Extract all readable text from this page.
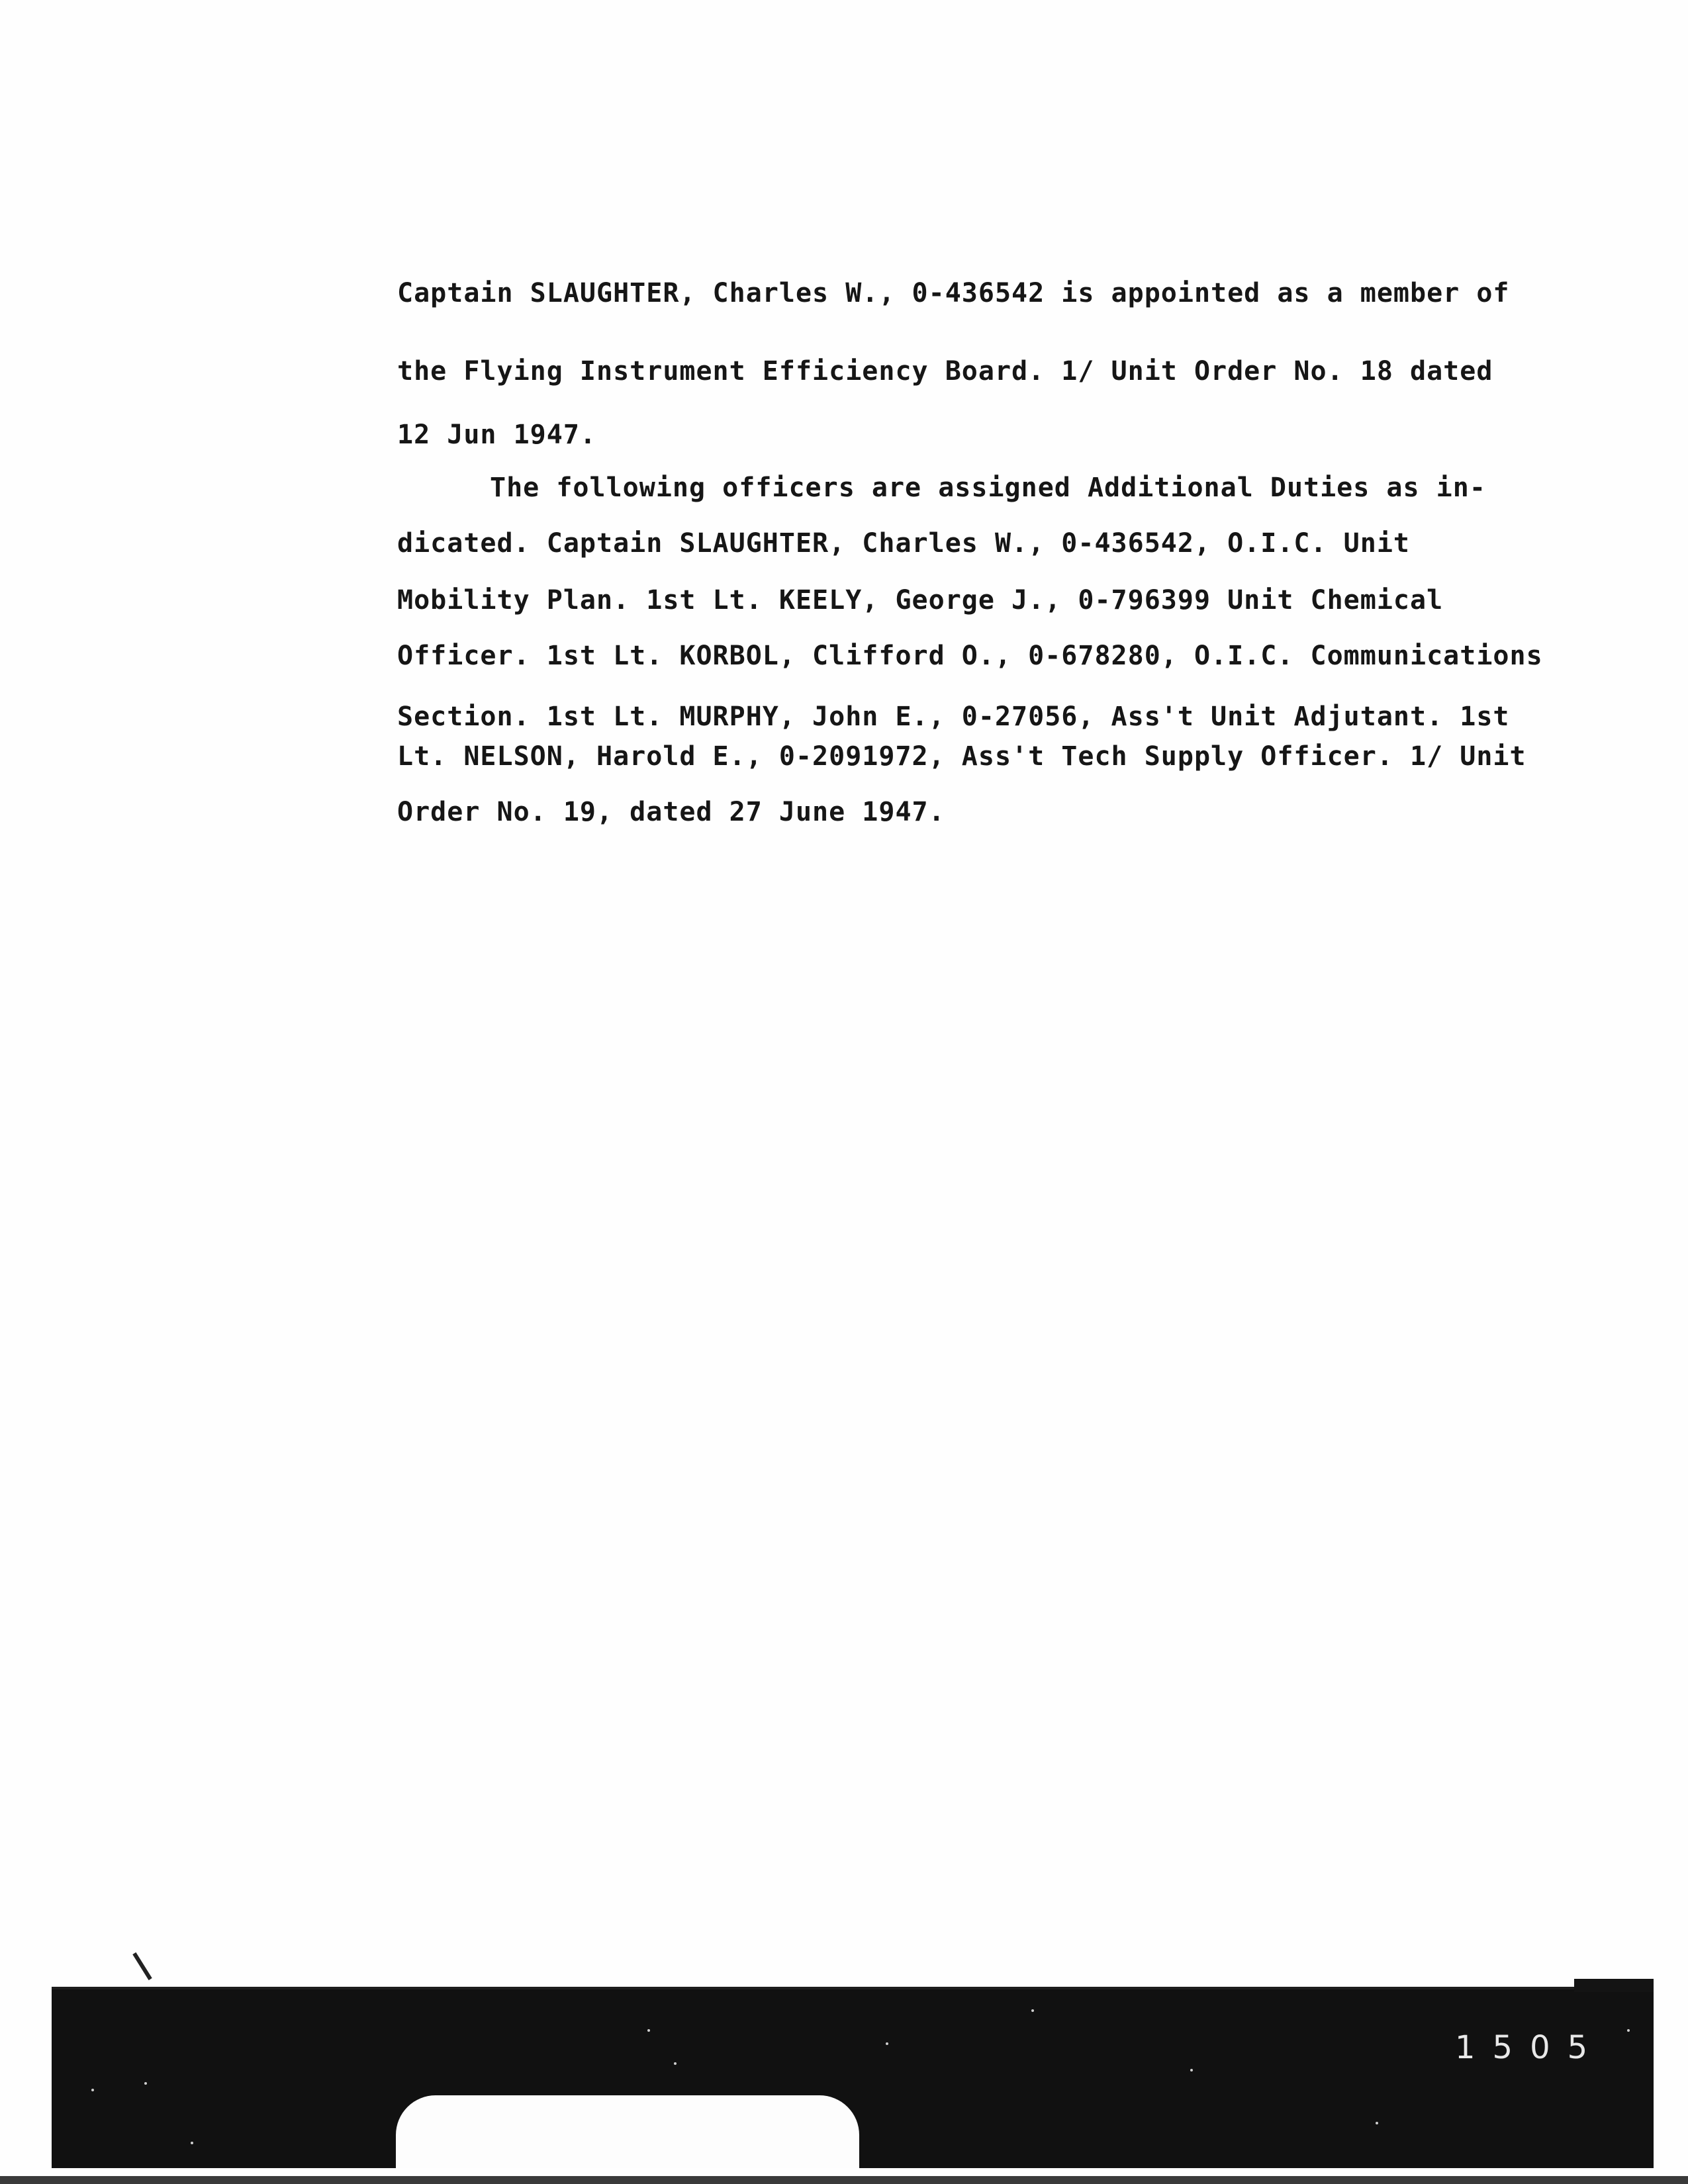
Captain SLAUGHTER, Charles W., 0-436542 is appointed as a member of
the Flying Instrument Efficiency Board. 1/ Unit Order No. 18 dated
12 Jun 1947.
The following officers are assigned Additional Duties as in-
dicated. Captain SLAUGHTER, Charles W., 0-436542, O.I.C. Unit
Mobility Plan. 1st Lt. KEELY, George J., 0-796399 Unit Chemical
Officer. 1st Lt. KORBOL, Clifford O., 0-678280, O.I.C. Communications
Section. 1st Lt. MURPHY, John E., 0-27056, Ass't Unit Adjutant. 1st
Lt. NELSON, Harold E., 0-2091972, Ass't Tech Supply Officer. 1/ Unit
Order No. 19, dated 27 June 1947.
1505
